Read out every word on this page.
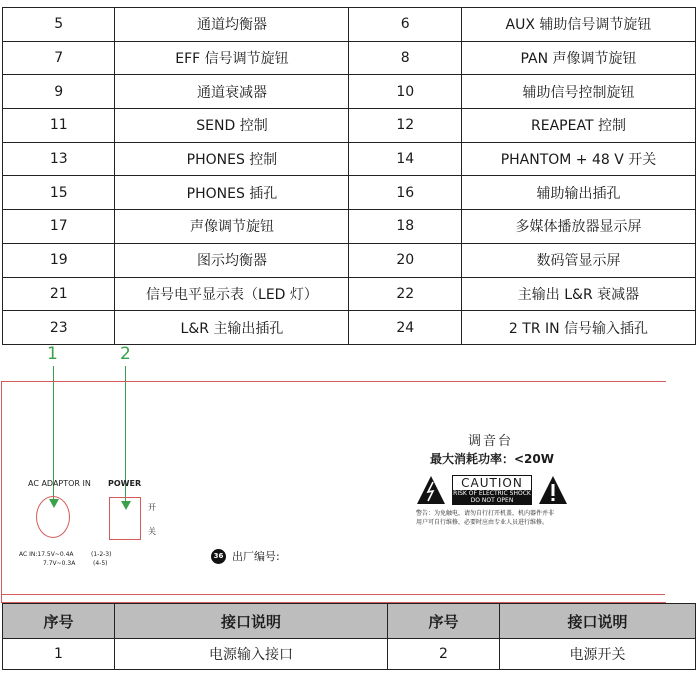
5	通道均衡器	6	AUX 辅助信号调节旋钮
7	EFF 信号调节旋钮	8	PAN 声像调节旋钮
9	通道衰减器	10	辅助信号控制旋钮
11	SEND 控制	12	REAPEAT 控制
13	PHONES 控制	14	PHANTOM + 48 V 开关
15	PHONES 插孔	16	辅助输出插孔
17	声像调节旋钮	18	多媒体播放器显示屏
19	图示均衡器	20	数码管显示屏
21	信号电平显示表（LED 灯）	22	主输出 L&R 衰减器
23	L&R 主输出插孔	24	2 TR IN 信号输入插孔
1	2
AC ADAPTOR IN POWER
开
关
AC IN:17.5V~0.4A
7.7V~0.3A
(1-2-3)
(4-5)
36 出厂编号:
调音台
最大消耗功率：<20W
CAUTION
RISK OF ELECTRIC SHOCK
DO NOT OPEN
警告：为免触电，请勿自行打开机盖，机内器件并非
用户可自行维修，必要时应由专业人员进行维修。
序号	接口说明	序号	接口说明
1	电源输入接口	2	电源开关
